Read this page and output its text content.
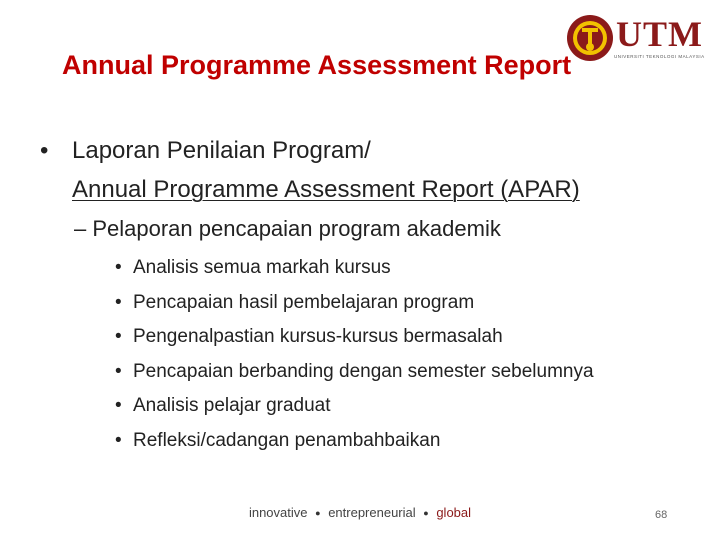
Annual Programme Assessment Report
UTM
UNIVERSITI TEKNOLOGI MALAYSIA
• Laporan Penilaian Program/
Annual Programme Assessment Report (APAR)
– Pelaporan pencapaian program akademik
• Analisis semua markah kursus
• Pencapaian hasil pembelajaran program
• Pengenalpastian kursus-kursus bermasalah
• Pencapaian berbanding dengan semester sebelumnya
• Analisis pelajar graduat
• Refleksi/cadangan penambahbaikan
innovative ● entrepreneurial ● global	68
